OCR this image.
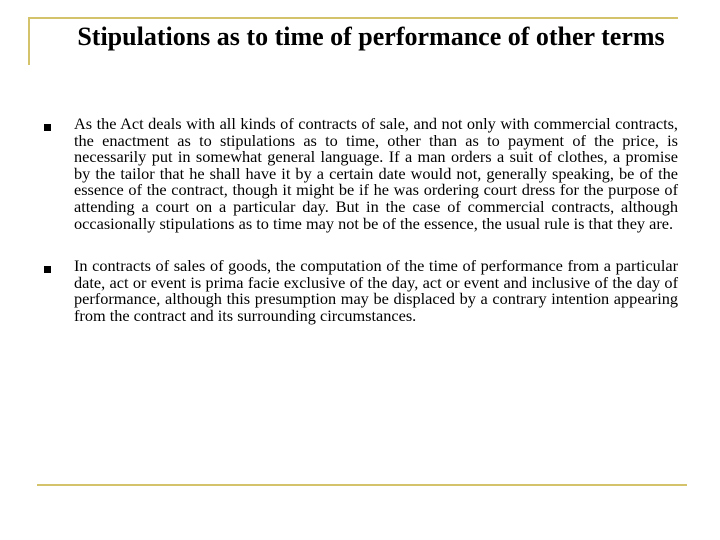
Stipulations as to time of performance of other terms
As the Act deals with all kinds of contracts of sale, and not only with commercial contracts, the enactment as to stipulations as to time, other than as to payment of the price, is necessarily put in somewhat general language. If a man orders a suit of clothes, a promise by the tailor that he shall have it by a certain date would not, generally speaking, be of the essence of the contract, though it might be if he was ordering court dress for the purpose of attending a court on a particular day. But in the case of commercial contracts, although occasionally stipulations as to time may not be of the essence, the usual rule is that they are.
In contracts of sales of goods, the computation of the time of performance from a particular date, act or event is prima facie exclusive of the day, act or event and inclusive of the day of performance, although this presumption may be displaced by a contrary intention appearing from the contract and its surrounding circumstances.
